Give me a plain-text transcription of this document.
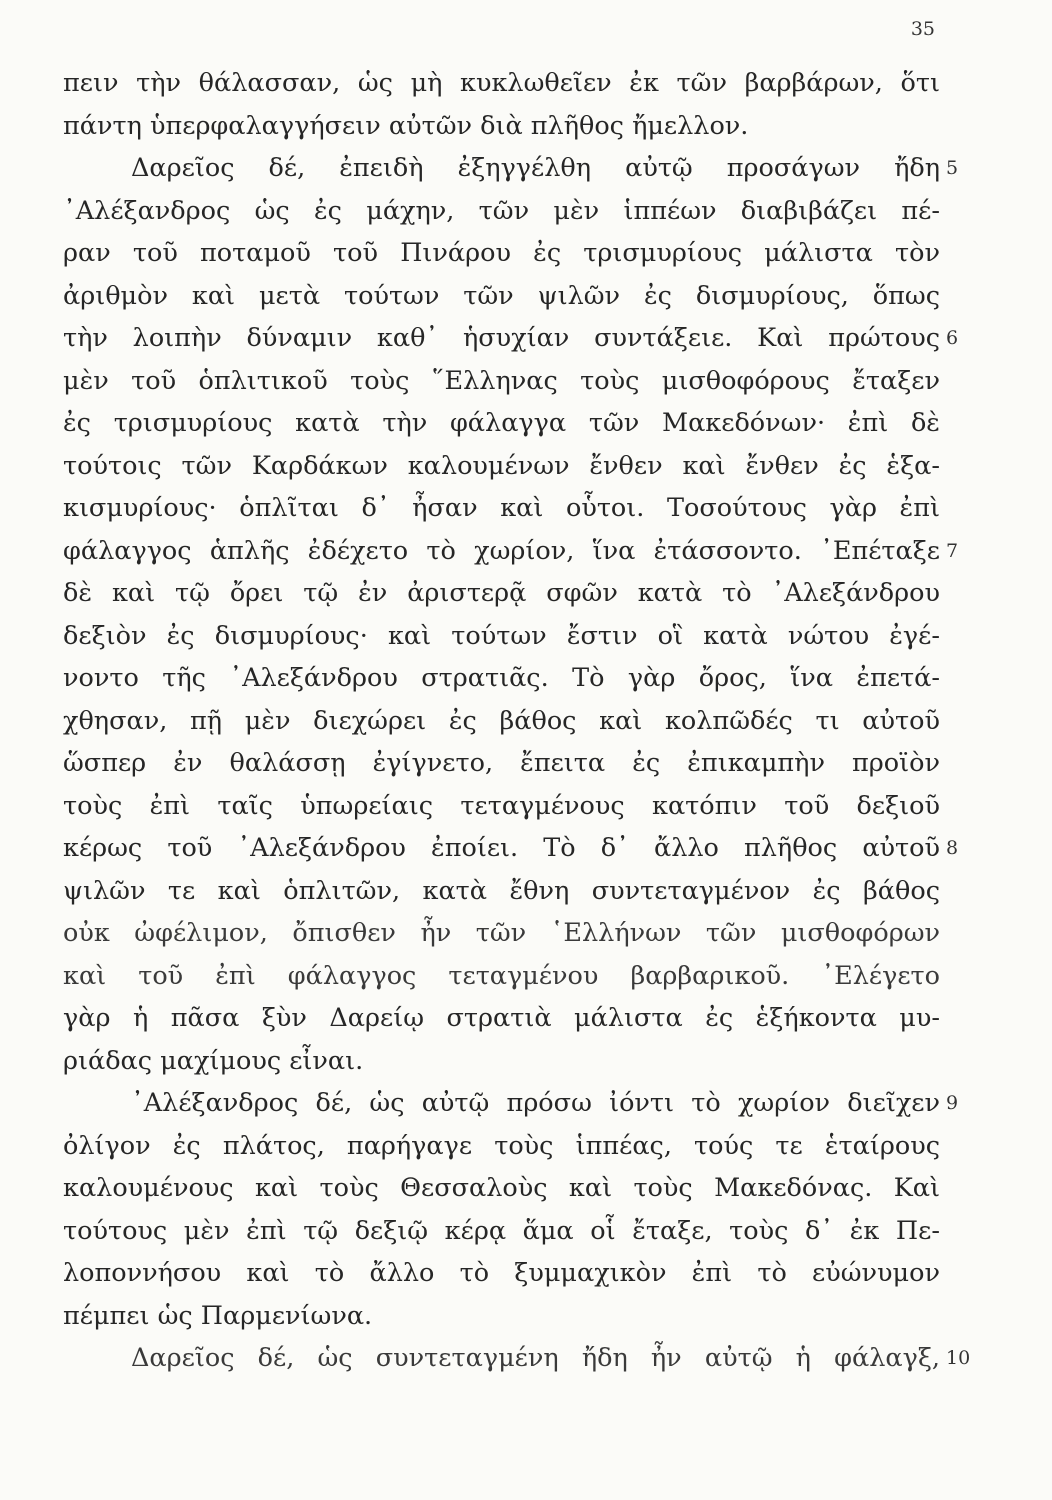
35
πειν τὴν θάλασσαν, ὡς μὴ κυκλωθεῖεν ἐκ τῶν βαρβάρων, ὅτι
πάντη ὑπερφαλαγγήσειν αὐτῶν διὰ πλῆθος ἤμελλον.
Δαρεῖος δέ, ἐπειδὴ ἐξηγγέλθη αὐτῷ προσάγων ἤδη 5
᾿Αλέξανδρος ὡς ἐς μάχην, τῶν μὲν ἱππέων διαβιβάζει πέ-
ραν τοῦ ποταμοῦ τοῦ Πινάρου ἐς τρισμυρίους μάλιστα τὸν
ἀριθμὸν καὶ μετὰ τούτων τῶν ψιλῶν ἐς δισμυρίους, ὅπως
τὴν λοιπὴν δύναμιν καθ᾿ ἡσυχίαν συντάξειε. Καὶ πρώτους 6
μὲν τοῦ ὁπλιτικοῦ τοὺς ῞Ελληνας τοὺς μισθοφόρους ἔταξεν
ἐς τρισμυρίους κατὰ τὴν φάλαγγα τῶν Μακεδόνων· ἐπὶ δὲ
τούτοις τῶν Καρδάκων καλουμένων ἔνθεν καὶ ἔνθεν ἐς ἑξα-
κισμυρίους· ὁπλῖται δ᾿ ἦσαν καὶ οὗτοι. Τοσούτους γὰρ ἐπὶ
φάλαγγος ἁπλῆς ἐδέχετο τὸ χωρίον, ἵνα ἐτάσσοντο. ᾿Επέταξε 7
δὲ καὶ τῷ ὄρει τῷ ἐν ἀριστερᾷ σφῶν κατὰ τὸ ᾿Αλεξάνδρου
δεξιὸν ἐς δισμυρίους· καὶ τούτων ἔστιν οἳ κατὰ νώτου ἐγέ-
νοντο τῆς ᾿Αλεξάνδρου στρατιᾶς. Τὸ γὰρ ὄρος, ἵνα ἐπετά-
χθησαν, πῇ μὲν διεχώρει ἐς βάθος καὶ κολπῶδές τι αὐτοῦ
ὥσπερ ἐν θαλάσσῃ ἐγίγνετο, ἔπειτα ἐς ἐπικαμπὴν προϊὸν
τοὺς ἐπὶ ταῖς ὑπωρείαις τεταγμένους κατόπιν τοῦ δεξιοῦ
κέρως τοῦ ᾿Αλεξάνδρου ἐποίει. Τὸ δ᾿ ἄλλο πλῆθος αὐτοῦ 8
ψιλῶν τε καὶ ὁπλιτῶν, κατὰ ἔθνη συντεταγμένον ἐς βάθος
οὐκ ὠφέλιμον, ὄπισθεν ἦν τῶν ῾Ελλήνων τῶν μισθοφόρων
καὶ τοῦ ἐπὶ φάλαγγος τεταγμένου βαρβαρικοῦ. ᾿Ελέγετο
γὰρ ἡ πᾶσα ξὺν Δαρείῳ στρατιὰ μάλιστα ἐς ἑξήκοντα μυ-
ριάδας μαχίμους εἶναι.
᾿Αλέξανδρος δέ, ὡς αὐτῷ πρόσω ἰόντι τὸ χωρίον διεῖχεν 9
ὀλίγον ἐς πλάτος, παρήγαγε τοὺς ἱππέας, τούς τε ἑταίρους
καλουμένους καὶ τοὺς Θεσσαλοὺς καὶ τοὺς Μακεδόνας. Καὶ
τούτους μὲν ἐπὶ τῷ δεξιῷ κέρᾳ ἅμα οἷ ἔταξε, τοὺς δ᾿ ἐκ Πε-
λοποννήσου καὶ τὸ ἄλλο τὸ ξυμμαχικὸν ἐπὶ τὸ εὐώνυμον
πέμπει ὡς Παρμενίωνα.
Δαρεῖος δέ, ὡς συντεταγμένη ἤδη ἦν αὐτῷ ἡ φάλαγξ, 10
